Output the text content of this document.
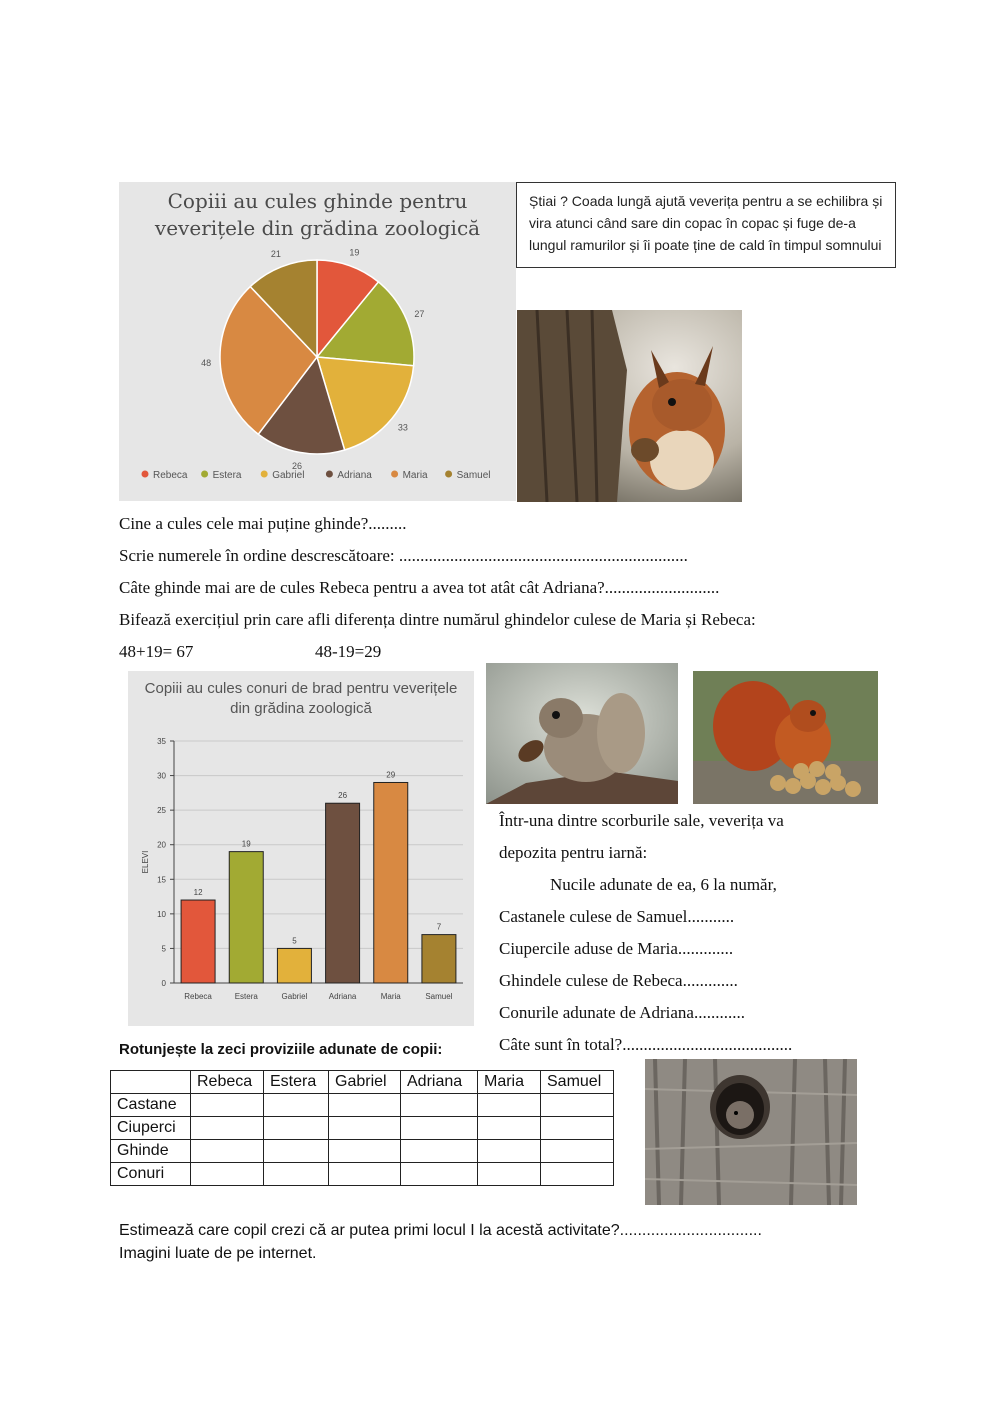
19
27
33
26
48
21
Rebeca	Estera	Gabriel	Adriana	Maria	Samuel
Copiii au cules ghinde pentru
veverițele din grădina zoologică
Știai ? Coada lungă ajută veverița pentru a se echilibra și
vira atunci când sare din copac în copac și fuge de-a
lungul ramurilor și îi poate ține de cald în timpul somnului
Cine a cules cele mai puține ghinde?.........
Scrie numerele în ordine descrescătoare: ....................................................................
Câte ghinde mai are de cules Rebeca pentru a avea tot atât cât Adriana?...........................
Bifează exercițiul prin care afli diferența dintre numărul ghindelor culese de Maria și Rebeca:
48+19= 67	48-19=29
0
5
10
15
20
25
30
35
ELEVI
12
Rebeca
19
Estera
5
Gabriel
26
Adriana
29
Maria
7
Samuel
Copiii au cules conuri de brad pentru veverițele
din grădina zoologică
Într-una dintre scorburile sale, veverița va
depozita pentru iarnă:
Nucile adunate de ea, 6 la număr,
Castanele culese de Samuel...........
Ciupercile aduse de Maria.............
Ghindele culese de Rebeca.............
Conurile adunate de Adriana............
Câte sunt în total?........................................
Rotunjește la zeci proviziile adunate de copii:
	Rebeca	Estera	Gabriel	Adriana	Maria	Samuel
Castane						
Ciuperci						
Ghinde						
Conuri						
Estimează care copil crezi că ar putea primi locul I la acestă activitate?................................
Imagini luate de pe internet.
